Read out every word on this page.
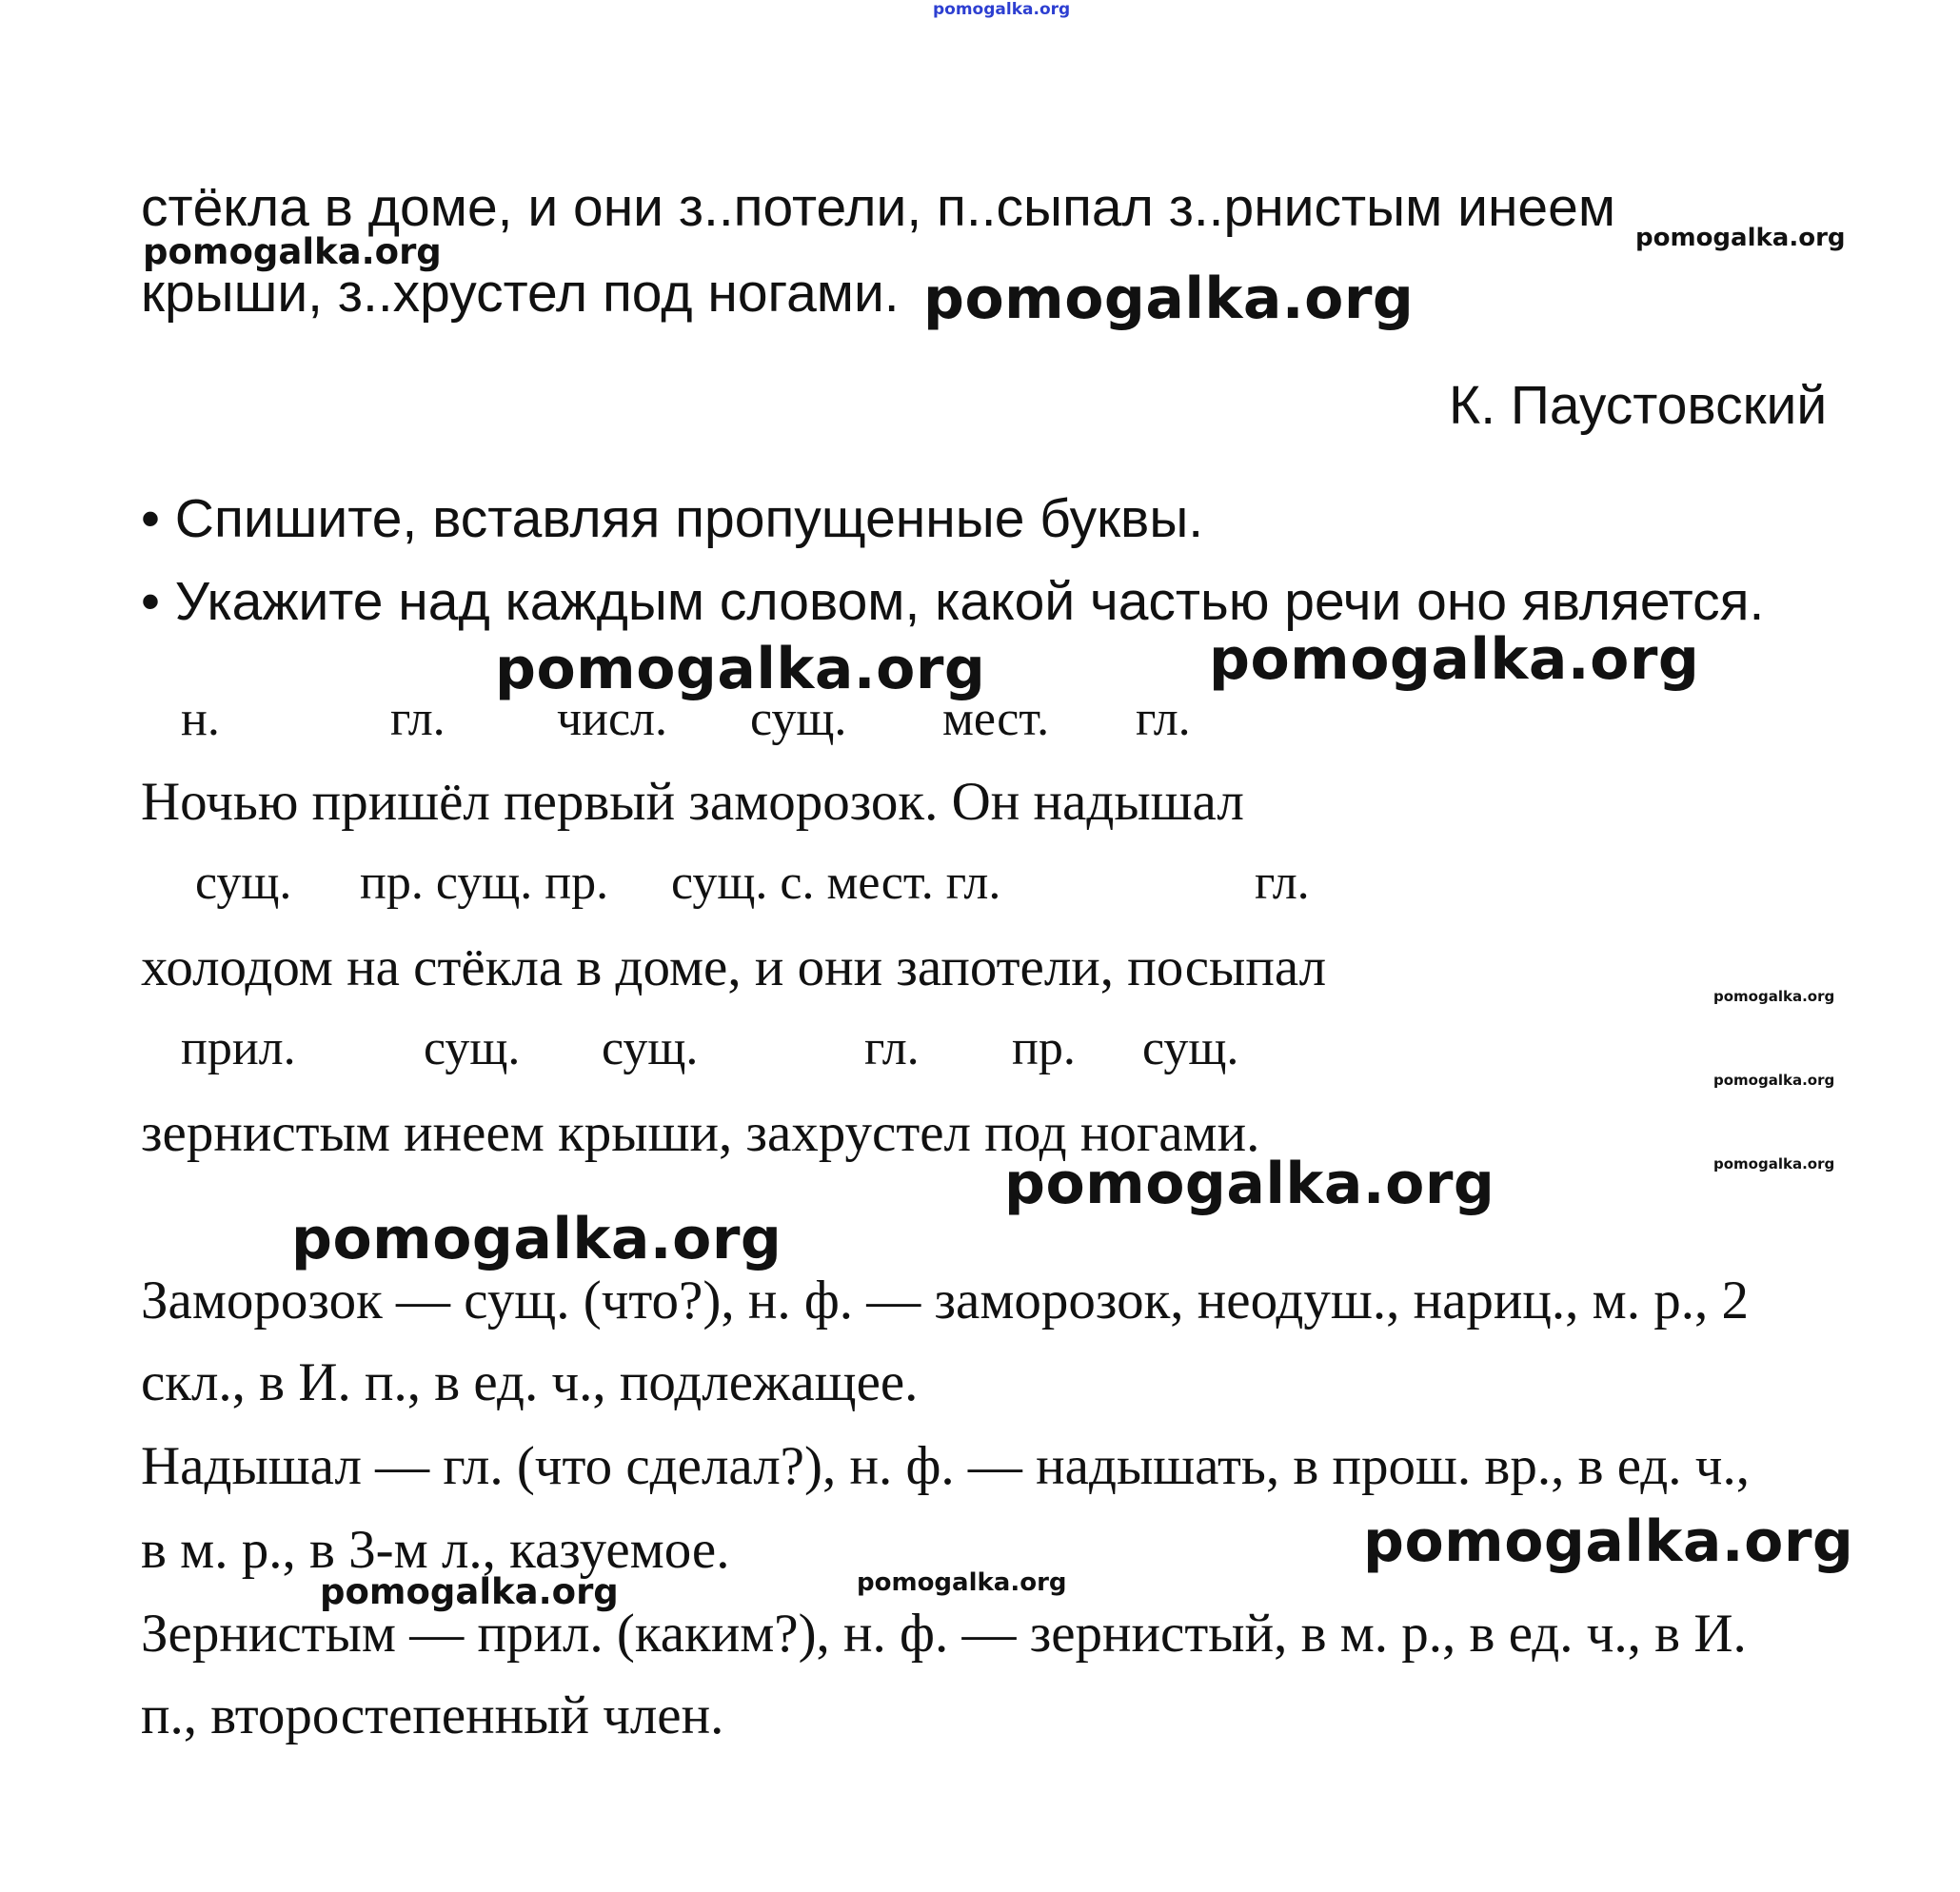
pomogalka.org
стёкла в доме, и они з..потели, п..сыпал з..рнистым инеем
pomogalka.org	pomogalka.org
крыши, з..хрустел под ногами. pomogalka.org
К. Паустовский
• Спишите, вставляя пропущенные буквы.
• Укажите над каждым словом, какой частью речи оно является.
pomogalka.org	pomogalka.org
н.	гл. числ. сущ. мест. гл.
Ночью пришёл первый заморозок. Он надышал
сущ. пр. сущ. пр. сущ. с. мест. гл.	гл.
холодом на стёкла в доме, и они запотели, посыпал	pomogalka.org
прил.	сущ. сущ.	гл. пр. сущ.
pomogalka.org
зернистым инеем крыши, захрустел под ногами.
pomogalka.org
pomogalka.org
pomogalka.org
Заморозок — сущ. (что?), н. ф. — заморозок, неодуш., нариц., м. р., 2
скл., в И. п., в ед. ч., подлежащее.
Надышал — гл. (что сделал?), н. ф. — надышать, в прош. вр., в ед. ч.,
в м. р., в 3-м л., казуемое.	pomogalka.org
pomogalka.org	pomogalka.org
Зернистым — прил. (каким?), н. ф. — зернистый, в м. р., в ед. ч., в И.
п., второстепенный член.
